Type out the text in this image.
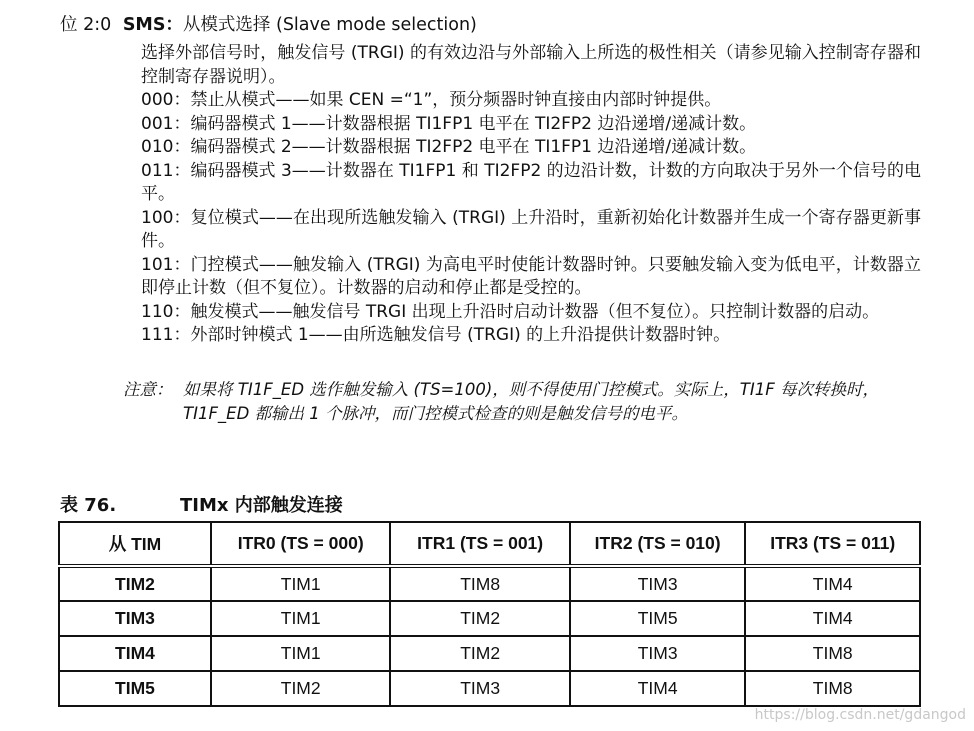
位 2:0 SMS：从模式选择 (Slave mode selection)

选择外部信号时，触发信号 (TRGI) 的有效边沿与外部输入上所选的极性相关（请参见输入控制寄存器和控制寄存器说明）。

000：禁止从模式——如果 CEN =“1”，预分频器时钟直接由内部时钟提供。

001：编码器模式 1——计数器根据 TI1FP1 电平在 TI2FP2 边沿递增/递减计数。

010：编码器模式 2——计数器根据 TI2FP2 电平在 TI1FP1 边沿递增/递减计数。

011：编码器模式 3——计数器在 TI1FP1 和 TI2FP2 的边沿计数，计数的方向取决于另外一个信号的电平。

100：复位模式——在出现所选触发输入 (TRGI) 上升沿时，重新初始化计数器并生成一个寄存器更新事件。

101：门控模式——触发输入 (TRGI) 为高电平时使能计数器时钟。只要触发输入变为低电平，计数器立即停止计数（但不复位）。计数器的启动和停止都是受控的。

110：触发模式——触发信号 TRGI 出现上升沿时启动计数器（但不复位）。只控制计数器的启动。

111：外部时钟模式 1——由所选触发信号 (TRGI) 的上升沿提供计数器时钟。

注意： 如果将 TI1F_ED 选作触发输入 (TS=100)，则不得使用门控模式。实际上，TI1F 每次转换时，TI1F_ED 都输出 1 个脉冲，而门控模式检查的则是触发信号的电平。
表 76.	TIMx 内部触发连接
从 TIM	ITR0 (TS = 000)	ITR1 (TS = 001)	ITR2 (TS = 010)	ITR3 (TS = 011)
TIM2	TIM1	TIM8	TIM3	TIM4
TIM3	TIM1	TIM2	TIM5	TIM4
TIM4	TIM1	TIM2	TIM3	TIM8
TIM5	TIM2	TIM3	TIM4	TIM8
https://blog.csdn.net/gdangod
